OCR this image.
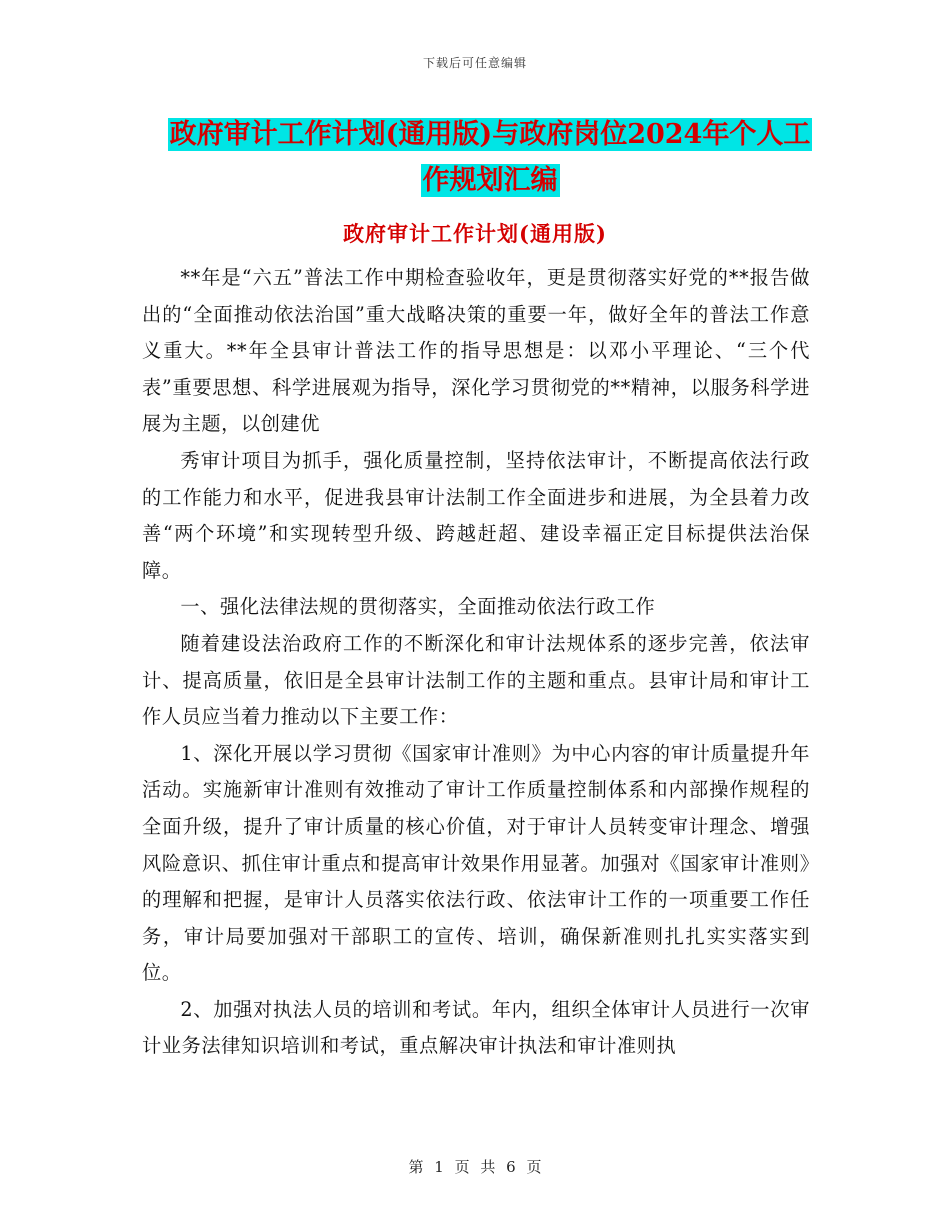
下载后可任意编辑
政府审计工作计划(通用版)与政府岗位2024年个人工
作规划汇编
政府审计工作计划(通用版)

**年是“六五”普法工作中期检查验收年，更是贯彻落实好党的**报告做出的“全面推动依法治国”重大战略决策的重要一年，做好全年的普法工作意义重大。**年全县审计普法工作的指导思想是：以邓小平理论、“三个代表”重要思想、科学进展观为指导，深化学习贯彻党的**精神，以服务科学进展为主题，以创建优

秀审计项目为抓手，强化质量控制，坚持依法审计，不断提高依法行政的工作能力和水平，促进我县审计法制工作全面进步和进展，为全县着力改善“两个环境”和实现转型升级、跨越赶超、建设幸福正定目标提供法治保障。

一、强化法律法规的贯彻落实，全面推动依法行政工作

随着建设法治政府工作的不断深化和审计法规体系的逐步完善，依法审计、提高质量，依旧是全县审计法制工作的主题和重点。县审计局和审计工作人员应当着力推动以下主要工作：

1、深化开展以学习贯彻《国家审计准则》为中心内容的审计质量提升年活动。实施新审计准则有效推动了审计工作质量控制体系和内部操作规程的全面升级，提升了审计质量的核心价值，对于审计人员转变审计理念、增强风险意识、抓住审计重点和提高审计效果作用显著。加强对《国家审计准则》的理解和把握，是审计人员落实依法行政、依法审计工作的一项重要工作任务，审计局要加强对干部职工的宣传、培训，确保新准则扎扎实实落实到位。

2、加强对执法人员的培训和考试。年内，组织全体审计人员进行一次审计业务法律知识培训和考试，重点解决审计执法和审计准则执

第 1 页 共 6 页
